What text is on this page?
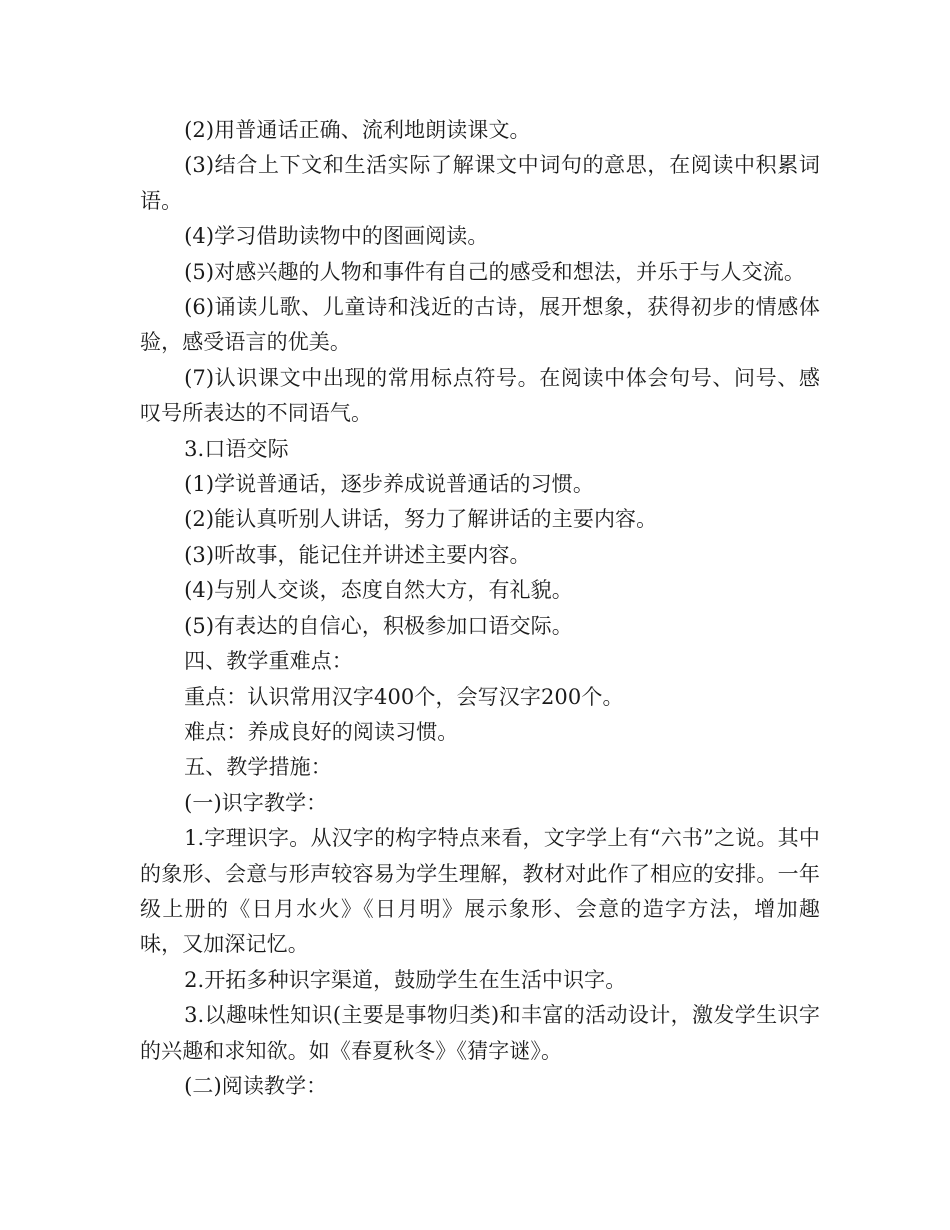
(2)用普通话正确、流利地朗读课文。

(3)结合上下文和生活实际了解课文中词句的意思，在阅读中积累词语。

(4)学习借助读物中的图画阅读。

(5)对感兴趣的人物和事件有自己的感受和想法，并乐于与人交流。

(6)诵读儿歌、儿童诗和浅近的古诗，展开想象，获得初步的情感体验，感受语言的优美。

(7)认识课文中出现的常用标点符号。在阅读中体会句号、问号、感叹号所表达的不同语气。

3.口语交际

(1)学说普通话，逐步养成说普通话的习惯。

(2)能认真听别人讲话，努力了解讲话的主要内容。

(3)听故事，能记住并讲述主要内容。

(4)与别人交谈，态度自然大方，有礼貌。

(5)有表达的自信心，积极参加口语交际。

四、教学重难点：

重点：认识常用汉字400个，会写汉字200个。

难点：养成良好的阅读习惯。

五、教学措施：

(一)识字教学：

1.字理识字。从汉字的构字特点来看，文字学上有“六书”之说。其中的象形、会意与形声较容易为学生理解，教材对此作了相应的安排。一年级上册的《日月水火》《日月明》展示象形、会意的造字方法，增加趣味，又加深记忆。

2.开拓多种识字渠道，鼓励学生在生活中识字。

3.以趣味性知识(主要是事物归类)和丰富的活动设计，激发学生识字的兴趣和求知欲。如《春夏秋冬》《猜字谜》。

(二)阅读教学：
